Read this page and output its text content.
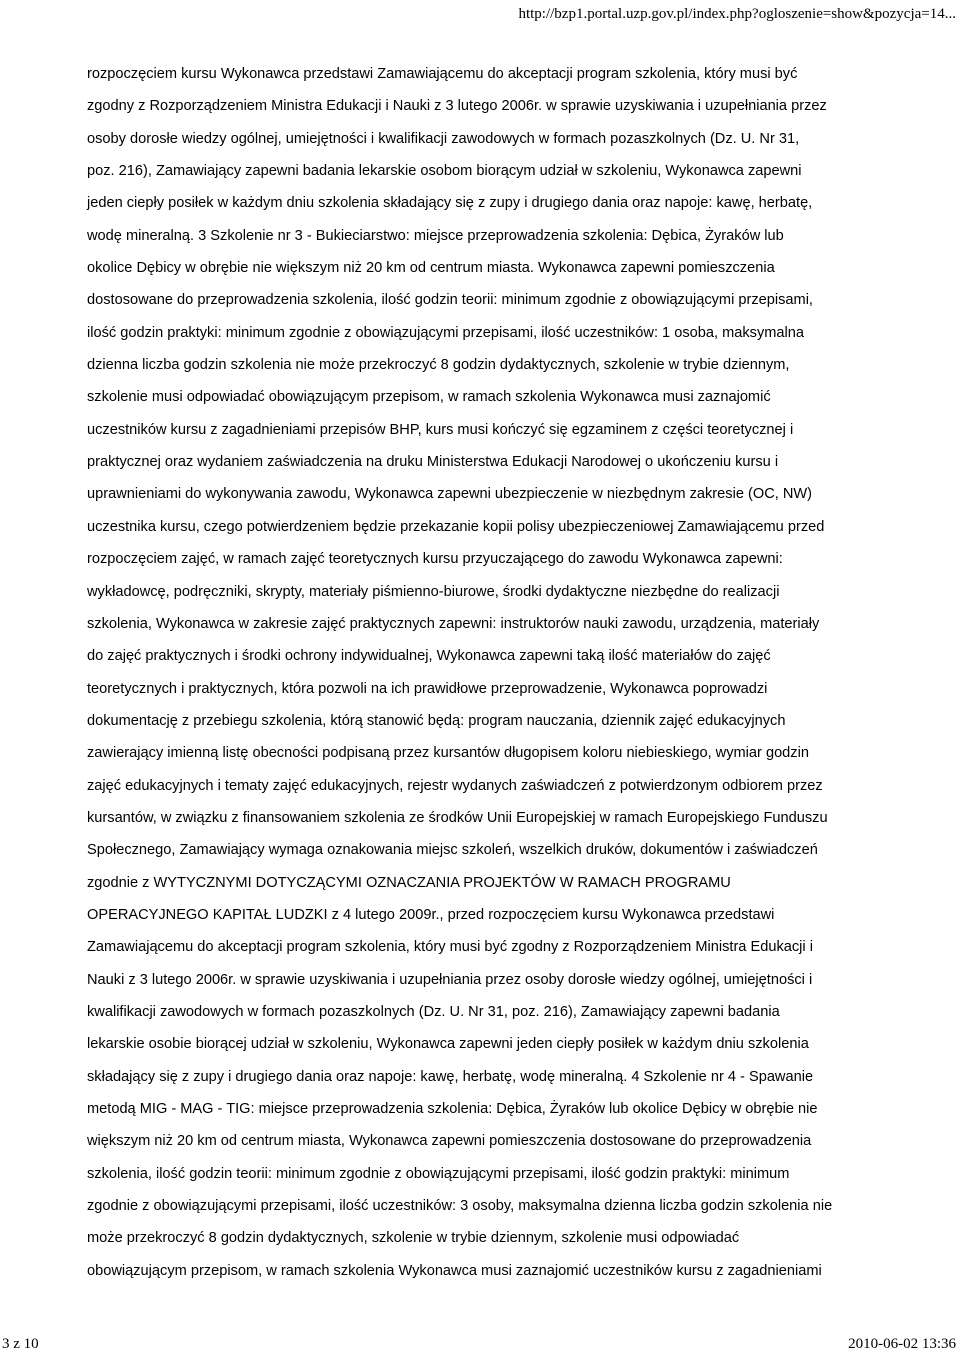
http://bzp1.portal.uzp.gov.pl/index.php?ogloszenie=show&pozycja=14...
rozpoczęciem kursu Wykonawca przedstawi Zamawiającemu do akceptacji program szkolenia, który musi być
zgodny z Rozporządzeniem Ministra Edukacji i Nauki z 3 lutego 2006r. w sprawie uzyskiwania i uzupełniania przez
osoby dorosłe wiedzy ogólnej, umiejętności i kwalifikacji zawodowych w formach pozaszkolnych (Dz. U. Nr 31,
poz. 216), Zamawiający zapewni badania lekarskie osobom biorącym udział w szkoleniu, Wykonawca zapewni
jeden ciepły posiłek w każdym dniu szkolenia składający się z zupy i drugiego dania oraz napoje: kawę, herbatę,
wodę mineralną. 3 Szkolenie nr 3 - Bukieciarstwo: miejsce przeprowadzenia szkolenia: Dębica, Żyraków lub
okolice Dębicy w obrębie nie większym niż 20 km od centrum miasta. Wykonawca zapewni pomieszczenia
dostosowane do przeprowadzenia szkolenia, ilość godzin teorii: minimum zgodnie z obowiązującymi przepisami,
ilość godzin praktyki: minimum zgodnie z obowiązującymi przepisami, ilość uczestników: 1 osoba, maksymalna
dzienna liczba godzin szkolenia nie może przekroczyć 8 godzin dydaktycznych, szkolenie w trybie dziennym,
szkolenie musi odpowiadać obowiązującym przepisom, w ramach szkolenia Wykonawca musi zaznajomić
uczestników kursu z zagadnieniami przepisów BHP, kurs musi kończyć się egzaminem z części teoretycznej i
praktycznej oraz wydaniem zaświadczenia na druku Ministerstwa Edukacji Narodowej o ukończeniu kursu i
uprawnieniami do wykonywania zawodu, Wykonawca zapewni ubezpieczenie w niezbędnym zakresie (OC, NW)
uczestnika kursu, czego potwierdzeniem będzie przekazanie kopii polisy ubezpieczeniowej Zamawiającemu przed
rozpoczęciem zajęć, w ramach zajęć teoretycznych kursu przyuczającego do zawodu Wykonawca zapewni:
wykładowcę, podręczniki, skrypty, materiały piśmienno-biurowe, środki dydaktyczne niezbędne do realizacji
szkolenia, Wykonawca w zakresie zajęć praktycznych zapewni: instruktorów nauki zawodu, urządzenia, materiały
do zajęć praktycznych i środki ochrony indywidualnej, Wykonawca zapewni taką ilość materiałów do zajęć
teoretycznych i praktycznych, która pozwoli na ich prawidłowe przeprowadzenie, Wykonawca poprowadzi
dokumentację z przebiegu szkolenia, którą stanowić będą: program nauczania, dziennik zajęć edukacyjnych
zawierający imienną listę obecności podpisaną przez kursantów długopisem koloru niebieskiego, wymiar godzin
zajęć edukacyjnych i tematy zajęć edukacyjnych, rejestr wydanych zaświadczeń z potwierdzonym odbiorem przez
kursantów, w związku z finansowaniem szkolenia ze środków Unii Europejskiej w ramach Europejskiego Funduszu
Społecznego, Zamawiający wymaga oznakowania miejsc szkoleń, wszelkich druków, dokumentów i zaświadczeń
zgodnie z WYTYCZNYMI DOTYCZĄCYMI OZNACZANIA PROJEKTÓW W RAMACH PROGRAMU
OPERACYJNEGO KAPITAŁ LUDZKI z 4 lutego 2009r., przed rozpoczęciem kursu Wykonawca przedstawi
Zamawiającemu do akceptacji program szkolenia, który musi być zgodny z Rozporządzeniem Ministra Edukacji i
Nauki z 3 lutego 2006r. w sprawie uzyskiwania i uzupełniania przez osoby dorosłe wiedzy ogólnej, umiejętności i
kwalifikacji zawodowych w formach pozaszkolnych (Dz. U. Nr 31, poz. 216), Zamawiający zapewni badania
lekarskie osobie biorącej udział w szkoleniu, Wykonawca zapewni jeden ciepły posiłek w każdym dniu szkolenia
składający się z zupy i drugiego dania oraz napoje: kawę, herbatę, wodę mineralną. 4 Szkolenie nr 4 - Spawanie
metodą MIG - MAG - TIG: miejsce przeprowadzenia szkolenia: Dębica, Żyraków lub okolice Dębicy w obrębie nie
większym niż 20 km od centrum miasta, Wykonawca zapewni pomieszczenia dostosowane do przeprowadzenia
szkolenia, ilość godzin teorii: minimum zgodnie z obowiązującymi przepisami, ilość godzin praktyki: minimum
zgodnie z obowiązującymi przepisami, ilość uczestników: 3 osoby, maksymalna dzienna liczba godzin szkolenia nie
może przekroczyć 8 godzin dydaktycznych, szkolenie w trybie dziennym, szkolenie musi odpowiadać
obowiązującym przepisom, w ramach szkolenia Wykonawca musi zaznajomić uczestników kursu z zagadnieniami
3 z 10	2010-06-02 13:36
